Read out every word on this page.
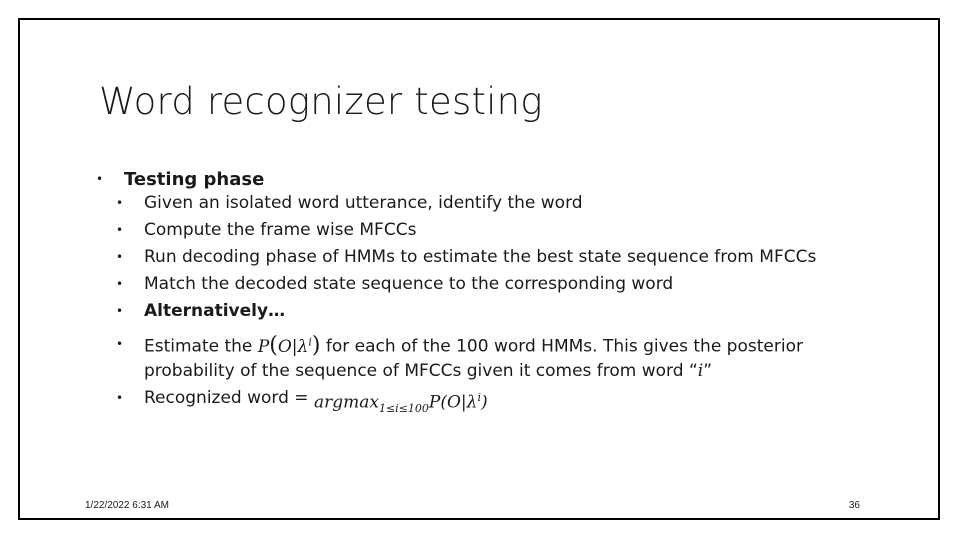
Word recognizer testing
•	Testing phase
•	Given an isolated word utterance, identify the word
•	Compute the frame wise MFCCs
•	Run decoding phase of HMMs to estimate the best state sequence from MFCCs
•	Match the decoded state sequence to the corresponding word
•	Alternatively…
•	Estimate the $P(O|\lambda^i)$ for each of the 100 word HMMs. This gives the posterior
probability of the sequence of MFCCs given it comes from word “i”
•	Recognized word =
$argmax_{1\le i\le 100}P(O|\lambda^i)$
1/22/2022 6:31 AM	36
